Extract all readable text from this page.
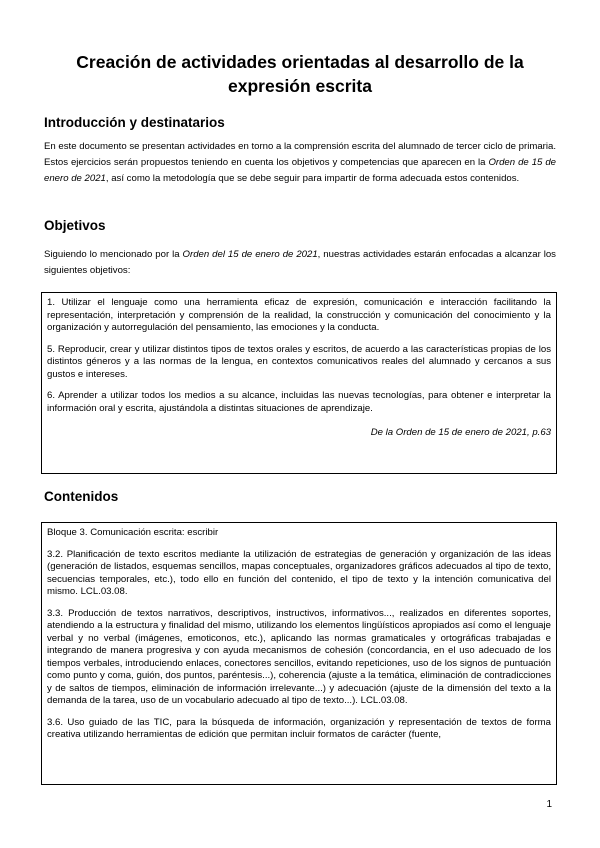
Creación de actividades orientadas al desarrollo de la expresión escrita
Introducción y destinatarios
En este documento se presentan actividades en torno a la comprensión escrita del alumnado de tercer ciclo de primaria. Estos ejercicios serán propuestos teniendo en cuenta los objetivos y competencias que aparecen en la Orden de 15 de enero de 2021, así como la metodología que se debe seguir para impartir de forma adecuada estos contenidos.
Objetivos
Siguiendo lo mencionado por la Orden del 15 de enero de 2021, nuestras actividades estarán enfocadas a alcanzar los siguientes objetivos:

1. Utilizar el lenguaje como una herramienta eficaz de expresión, comunicación e interacción facilitando la representación, interpretación y comprensión de la realidad, la construcción y comunicación del conocimiento y la organización y autorregulación del pensamiento, las emociones y la conducta.

5. Reproducir, crear y utilizar distintos tipos de textos orales y escritos, de acuerdo a las características propias de los distintos géneros y a las normas de la lengua, en contextos comunicativos reales del alumnado y cercanos a sus gustos e intereses.

6. Aprender a utilizar todos los medios a su alcance, incluidas las nuevas tecnologías, para obtener e interpretar la información oral y escrita, ajustándola a distintas situaciones de aprendizaje.

De la Orden de 15 de enero de 2021, p.63

Contenidos

Bloque 3. Comunicación escrita: escribir

3.2. Planificación de texto escritos mediante la utilización de estrategias de generación y organización de las ideas (generación de listados, esquemas sencillos, mapas conceptuales, organizadores gráficos adecuados al tipo de texto, secuencias temporales, etc.), todo ello en función del contenido, el tipo de texto y la intención comunicativa del mismo. LCL.03.08.

3.3. Producción de textos narrativos, descriptivos, instructivos, informativos..., realizados en diferentes soportes, atendiendo a la estructura y finalidad del mismo, utilizando los elementos lingüísticos apropiados así como el lenguaje verbal y no verbal (imágenes, emoticonos, etc.), aplicando las normas gramaticales y ortográficas trabajadas e integrando de manera progresiva y con ayuda mecanismos de cohesión (concordancia, en el uso adecuado de los tiempos verbales, introduciendo enlaces, conectores sencillos, evitando repeticiones, uso de los signos de puntuación como punto y coma, guión, dos puntos, paréntesis...), coherencia (ajuste a la temática, eliminación de contradicciones y de saltos de tiempos, eliminación de información irrelevante...) y adecuación (ajuste de la dimensión del texto a la demanda de la tarea, uso de un vocabulario adecuado al tipo de texto...). LCL.03.08.

3.6. Uso guiado de las TIC, para la búsqueda de información, organización y representación de textos de forma creativa utilizando herramientas de edición que permitan incluir formatos de carácter (fuente,

1
